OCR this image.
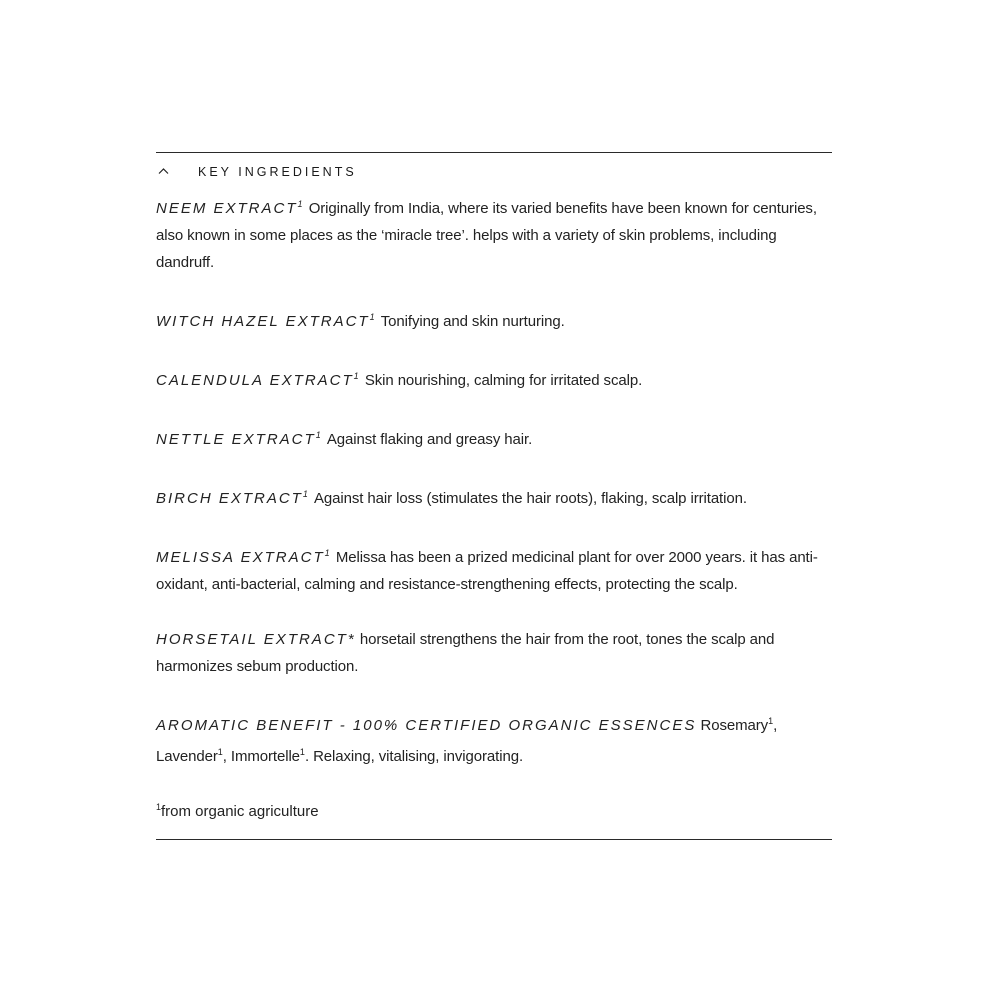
KEY INGREDIENTS

NEEM EXTRACT$^1$ Originally from India, where its varied benefits have been known for centuries, also known in some places as the ‘miracle tree’. helps with a variety of skin problems, including dandruff.

WITCH HAZEL EXTRACT$^1$ Tonifying and skin nurturing.

CALENDULA EXTRACT$^1$ Skin nourishing, calming for irritated scalp.

NETTLE EXTRACT$^1$ Against flaking and greasy hair.

BIRCH EXTRACT$^1$ Against hair loss (stimulates the hair roots), flaking, scalp irritation.

MELISSA EXTRACT$^1$ Melissa has been a prized medicinal plant for over 2000 years. it has anti-oxidant, anti-bacterial, calming and resistance-strengthening effects, protecting the scalp.

HORSETAIL EXTRACT* horsetail strengthens the hair from the root, tones the scalp and harmonizes sebum production.

AROMATIC BENEFIT - 100% CERTIFIED ORGANIC ESSENCES Rosemary$^1$, Lavender$^1$, Immortelle$^1$. Relaxing, vitalising, invigorating.

$^1$from organic agriculture
